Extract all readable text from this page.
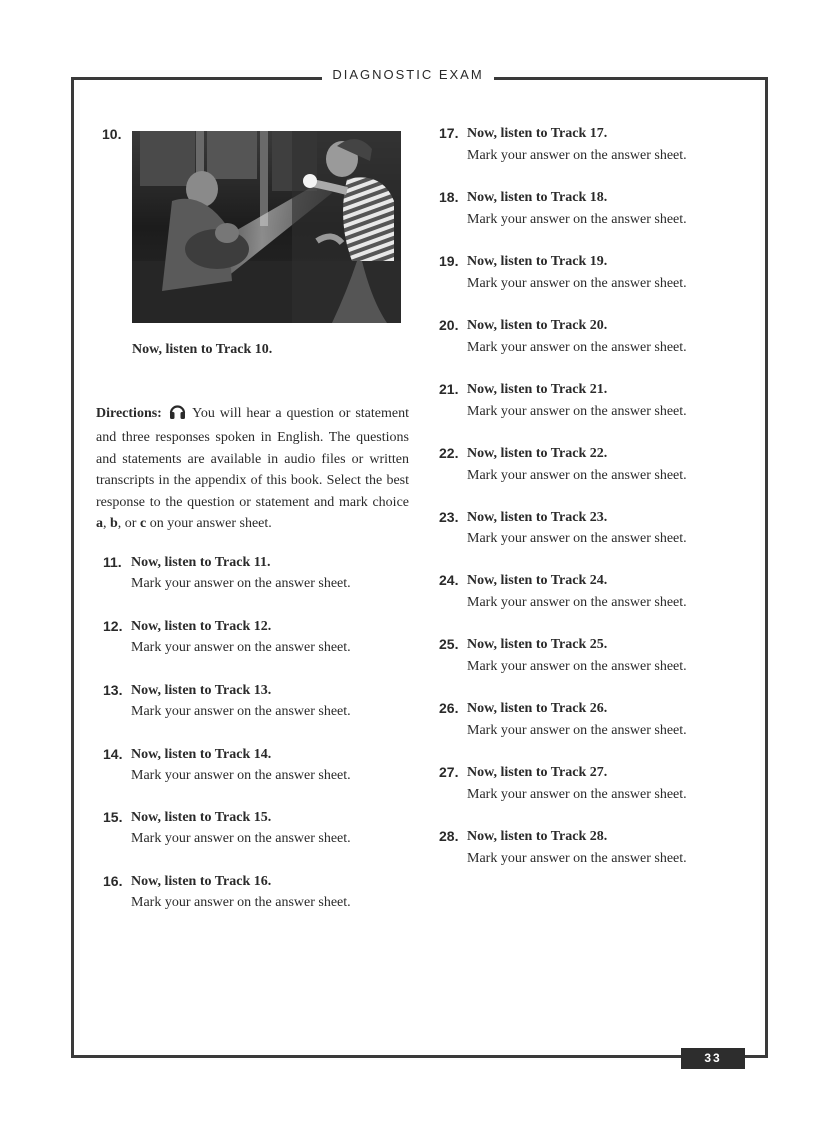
DIAGNOSTIC EXAM
10.
Now, listen to Track 10.
Directions:  You will hear a question or statement and three responses spoken in English. The questions and statements are available in audio files or written transcripts in the appendix of this book. Select the best response to the question or statement and mark choice a, b, or c on your answer sheet.
11. Now, listen to Track 11.
Mark your answer on the answer sheet.
12. Now, listen to Track 12.
Mark your answer on the answer sheet.
13. Now, listen to Track 13.
Mark your answer on the answer sheet.
14. Now, listen to Track 14.
Mark your answer on the answer sheet.
15. Now, listen to Track 15.
Mark your answer on the answer sheet.
16. Now, listen to Track 16.
Mark your answer on the answer sheet.
17. Now, listen to Track 17.
Mark your answer on the answer sheet.
18. Now, listen to Track 18.
Mark your answer on the answer sheet.
19. Now, listen to Track 19.
Mark your answer on the answer sheet.
20. Now, listen to Track 20.
Mark your answer on the answer sheet.
21. Now, listen to Track 21.
Mark your answer on the answer sheet.
22. Now, listen to Track 22.
Mark your answer on the answer sheet.
23. Now, listen to Track 23.
Mark your answer on the answer sheet.
24. Now, listen to Track 24.
Mark your answer on the answer sheet.
25. Now, listen to Track 25.
Mark your answer on the answer sheet.
26. Now, listen to Track 26.
Mark your answer on the answer sheet.
27. Now, listen to Track 27.
Mark your answer on the answer sheet.
28. Now, listen to Track 28.
Mark your answer on the answer sheet.
33
